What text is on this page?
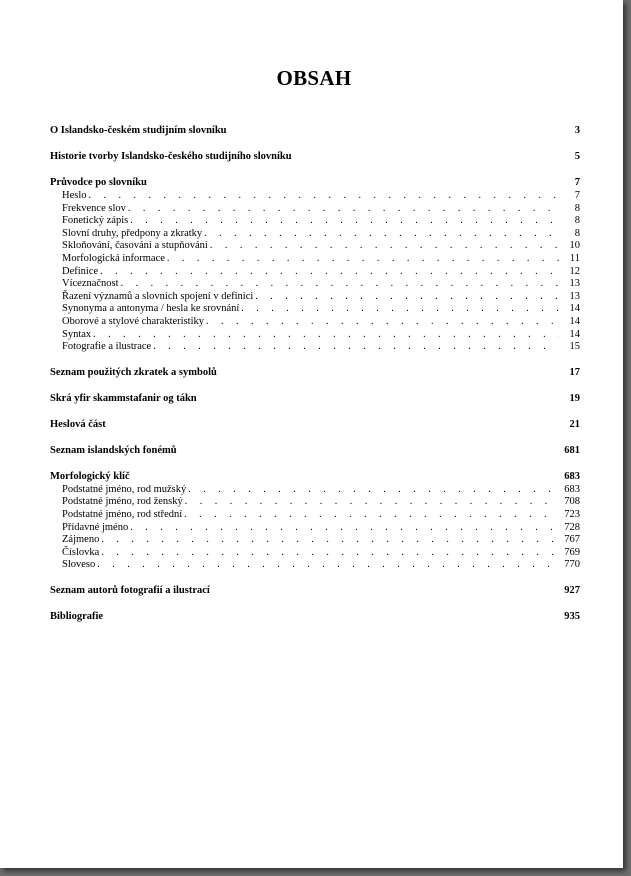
OBSAH
O Islandsko-českém studijním slovníku	3
Historie tvorby Islandsko-českého studijního slovníku	5
Průvodce po slovníku	7
Heslo . . .	7
Frekvence slov . . .	8
Fonetický zápis . . .	8
Slovní druhy, předpony a zkratky . . .	8
Skloňování, časování a stupňování . . .	10
Morfologická informace . . .	11
Definice . . .	12
Víceznačnost . . .	13
Řazení významů a slovních spojení v definici . . .	13
Synonyma a antonyma / hesla ke srovnání . . .	14
Oborové a stylové charakteristiky . . .	14
Syntax . . .	14
Fotografie a ilustrace . . .	15
Seznam použitých zkratek a symbolů	17
Skrá yfir skammstafanir og tákn	19
Heslová část	21
Seznam islandských fonémů	681
Morfologický klíč	683
Podstatné jméno, rod mužský . . .	683
Podstatné jméno, rod ženský . . .	708
Podstatné jméno, rod střední . . .	723
Přídavné jméno . . .	728
Zájmeno . . .	767
Číslovka . . .	769
Sloveso . . .	770
Seznam autorů fotografií a ilustrací	927
Bibliografie	935
